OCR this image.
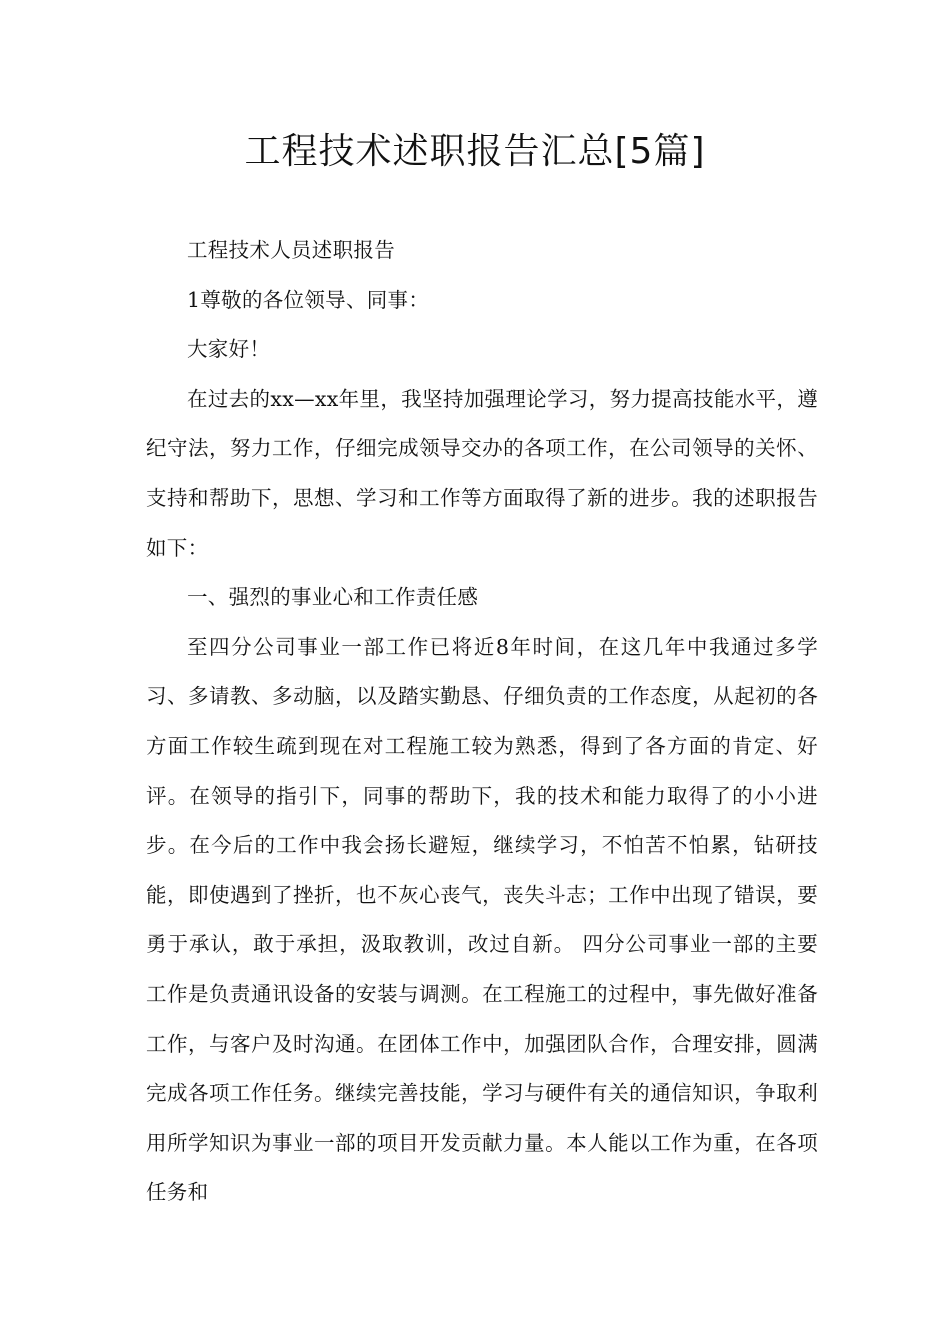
工程技术述职报告汇总[5篇]

工程技术人员述职报告

1尊敬的各位领导、同事：

大家好！

在过去的xx—xx年里，我坚持加强理论学习，努力提高技能水平，遵纪守法，努力工作，仔细完成领导交办的各项工作，在公司领导的关怀、支持和帮助下，思想、学习和工作等方面取得了新的进步。我的述职报告如下：

一、强烈的事业心和工作责任感

至四分公司事业一部工作已将近8年时间，在这几年中我通过多学习、多请教、多动脑，以及踏实勤恳、仔细负责的工作态度，从起初的各方面工作较生疏到现在对工程施工较为熟悉，得到了各方面的肯定、好评。在领导的指引下，同事的帮助下，我的技术和能力取得了的小小进步。在今后的工作中我会扬长避短，继续学习，不怕苦不怕累，钻研技能，即使遇到了挫折，也不灰心丧气，丧失斗志；工作中出现了错误，要勇于承认，敢于承担，汲取教训，改过自新。 四分公司事业一部的主要工作是负责通讯设备的安装与调测。在工程施工的过程中，事先做好准备工作，与客户及时沟通。在团体工作中，加强团队合作，合理安排，圆满完成各项工作任务。继续完善技能，学习与硬件有关的通信知识，争取利用所学知识为事业一部的项目开发贡献力量。本人能以工作为重，在各项任务和
